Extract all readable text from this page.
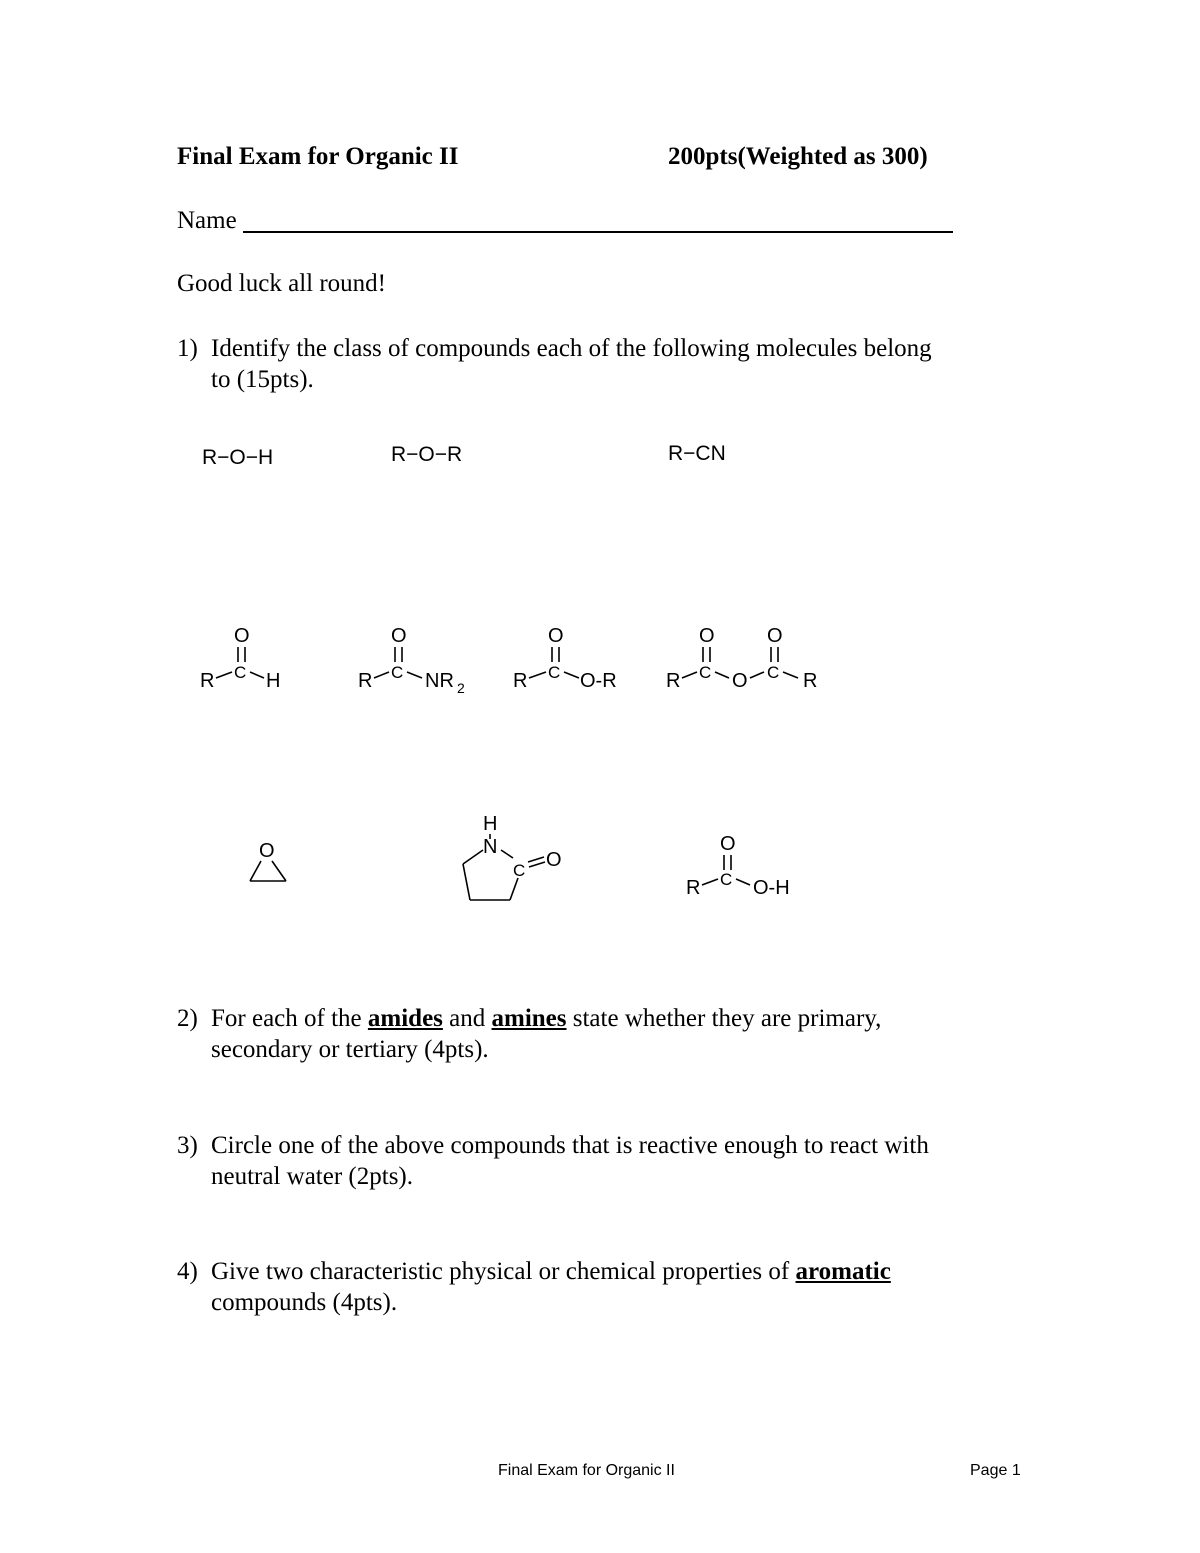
Final Exam for Organic II	200pts(Weighted as 300)
Name
Good luck all round!
1) Identify the class of compounds each of the following molecules belong
to (15pts).
R−O−H	R−O−R	R−CN
O
C
R	H
O
C
R	NR 2
O
C
R	O-R
O
C
R	O
O
C R
O
H
N
C O
O
C
R	O-H
2) For each of the amides and amines state whether they are primary,
secondary or tertiary (4pts).
3) Circle one of the above compounds that is reactive enough to react with
neutral water (2pts).
4) Give two characteristic physical or chemical properties of aromatic
compounds (4pts).
Final Exam for Organic II	Page 1
